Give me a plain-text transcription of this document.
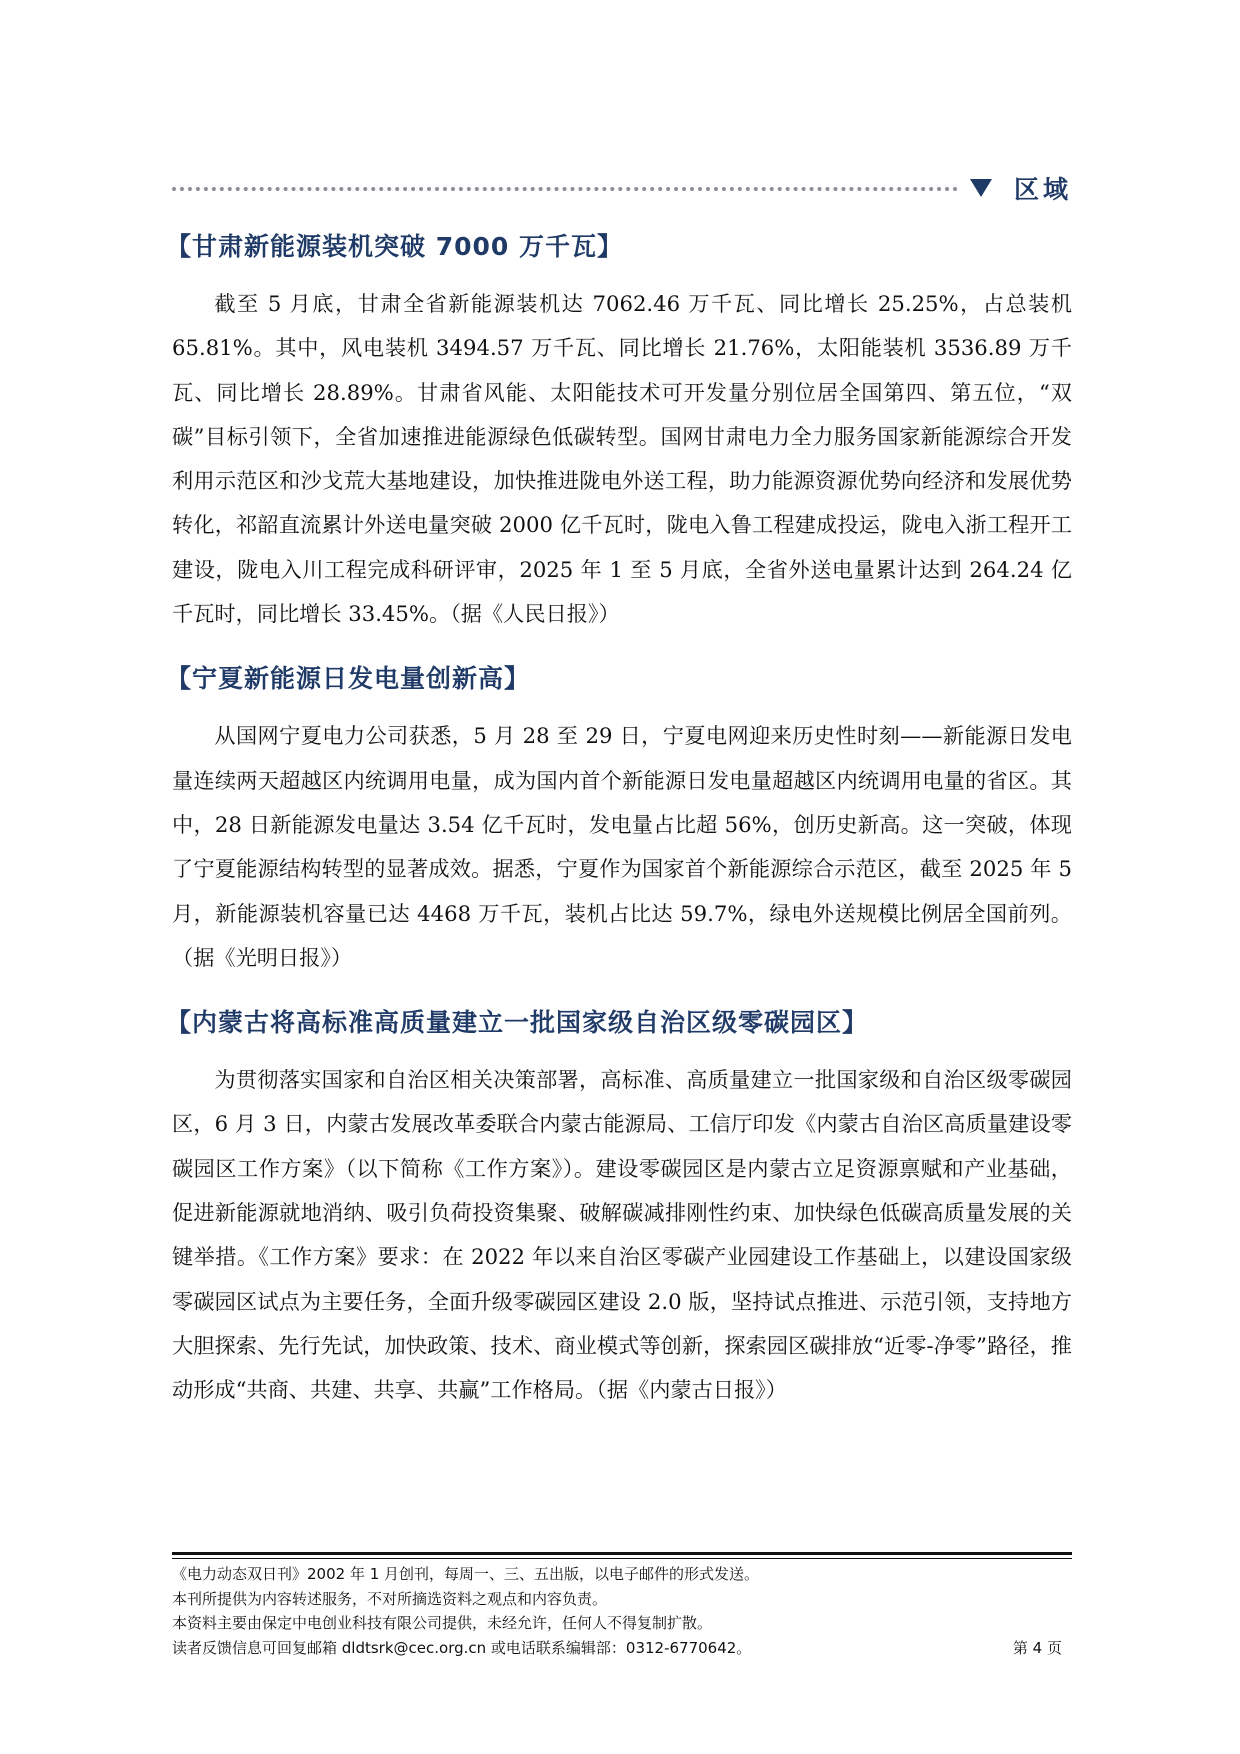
区域
【甘肃新能源装机突破 7000 万千瓦】

截至 5 月底，甘肃全省新能源装机达 7062.46 万千瓦、同比增长 25.25%，占总装机 65.81%。其中，风电装机 3494.57 万千瓦、同比增长 21.76%，太阳能装机 3536.89 万千瓦、同比增长 28.89%。甘肃省风能、太阳能技术可开发量分别位居全国第四、第五位，“双碳”目标引领下，全省加速推进能源绿色低碳转型。国网甘肃电力全力服务国家新能源综合开发利用示范区和沙戈荒大基地建设，加快推进陇电外送工程，助力能源资源优势向经济和发展优势转化，祁韶直流累计外送电量突破 2000 亿千瓦时，陇电入鲁工程建成投运，陇电入浙工程开工建设，陇电入川工程完成科研评审，2025 年 1 至 5 月底，全省外送电量累计达到 264.24 亿千瓦时，同比增长 33.45%。（据《人民日报》）

【宁夏新能源日发电量创新高】

从国网宁夏电力公司获悉，5 月 28 至 29 日，宁夏电网迎来历史性时刻——新能源日发电量连续两天超越区内统调用电量，成为国内首个新能源日发电量超越区内统调用电量的省区。其中，28 日新能源发电量达 3.54 亿千瓦时，发电量占比超 56%，创历史新高。这一突破，体现了宁夏能源结构转型的显著成效。据悉，宁夏作为国家首个新能源综合示范区，截至 2025 年 5 月，新能源装机容量已达 4468 万千瓦，装机占比达 59.7%，绿电外送规模比例居全国前列。（据《光明日报》）

【内蒙古将高标准高质量建立一批国家级自治区级零碳园区】

为贯彻落实国家和自治区相关决策部署，高标准、高质量建立一批国家级和自治区级零碳园区，6 月 3 日，内蒙古发展改革委联合内蒙古能源局、工信厅印发《内蒙古自治区高质量建设零碳园区工作方案》（以下简称《工作方案》）。建设零碳园区是内蒙古立足资源禀赋和产业基础，促进新能源就地消纳、吸引负荷投资集聚、破解碳减排刚性约束、加快绿色低碳高质量发展的关键举措。《工作方案》要求：在 2022 年以来自治区零碳产业园建设工作基础上，以建设国家级零碳园区试点为主要任务，全面升级零碳园区建设 2.0 版，坚持试点推进、示范引领，支持地方大胆探索、先行先试，加快政策、技术、商业模式等创新，探索园区碳排放“近零-净零”路径，推动形成“共商、共建、共享、共赢”工作格局。（据《内蒙古日报》）

《电力动态双日刊》2002 年 1 月创刊，每周一、三、五出版，以电子邮件的形式发送。
本刊所提供为内容转述服务，不对所摘选资料之观点和内容负责。
本资料主要由保定中电创业科技有限公司提供，未经允许，任何人不得复制扩散。
读者反馈信息可回复邮箱 dldtsrk@cec.org.cn 或电话联系编辑部：0312-6770642。	第 4 页
